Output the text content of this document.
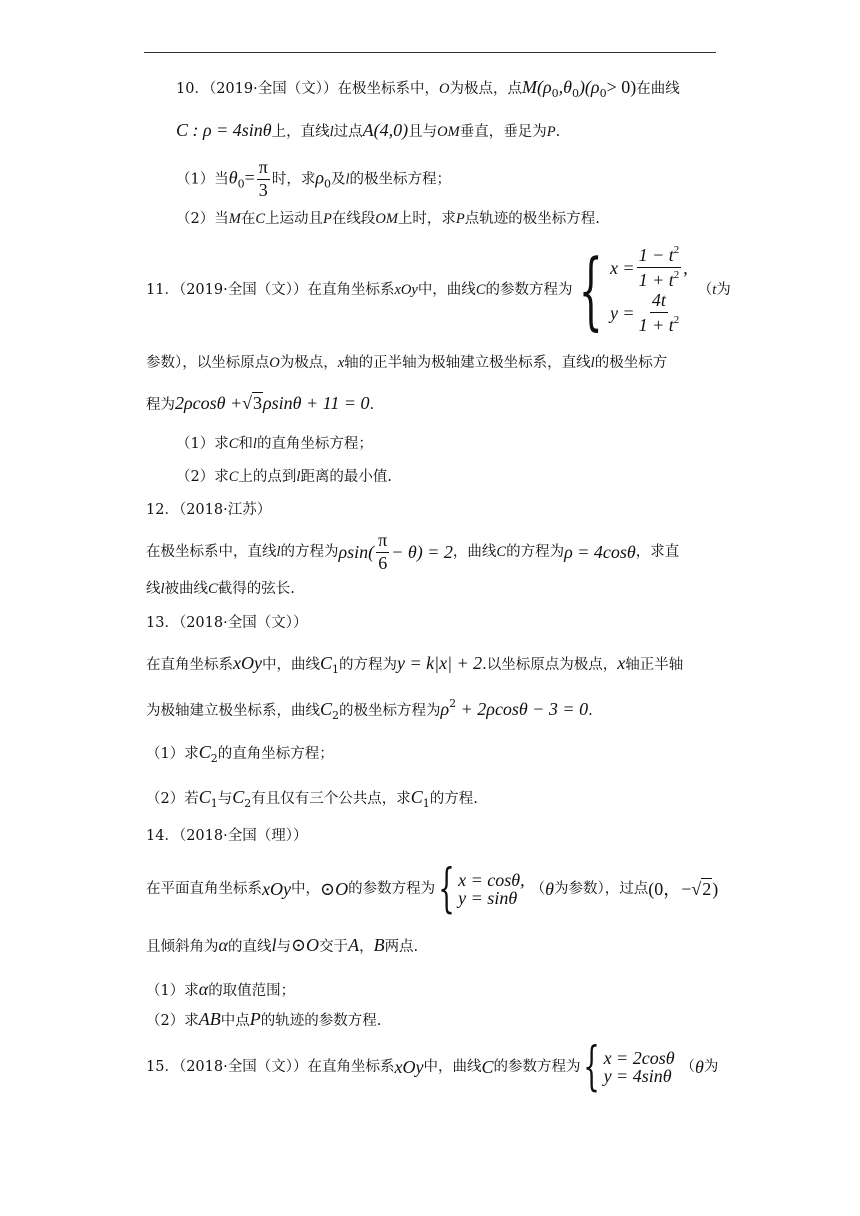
10．（2019·全国（文））在极坐标系中，O为极点，点$M(\rho_0,\theta_0)(\rho_0> 0)$在曲线
C : ρ = 4sinθ上，直线l过点A(4,0)且与OM垂直，垂足为P.
（1）当$\theta_0= \frac{\pi}{3}$ 时，求$\rho_0$及l的极坐标方程；
（2）当M在C上运动且P在线段OM上时，求P点轨迹的极坐标方程.
11．（2019·全国（文））在直角坐标系 xOy 中，曲线 C 的参数方程为 { $x = \frac{1 - t^2}{1 + t^2}$ ,
$y = \frac{4t}{1 + t^2}$
（ t 为
参数），以坐标原点O为极点，x轴的正半轴为极轴建立极坐标系，直线l的极坐标方
程为2ρcosθ +√3ρsinθ + 11 = 0.
（1）求C和l的直角坐标方程；
（2）求C上的点到l距离的最小值.
12．（2018·江苏）
在极坐标系中，直线 l 的方程为 $\rho\sin( \frac{\pi}{6} - \theta) = 2$ ，曲线 C 的方程为 ρ = 4cosθ ，求直
线l被曲线C截得的弦长.
13．（2018·全国（文））
在直角坐标系xOy中，曲线$C_1$的方程为y = k|x| + 2.以坐标原点为极点，x轴正半轴
为极轴建立极坐标系，曲线$C_2$的极坐标方程为$\rho^2 + 2\rho\cos\theta - 3 = 0$.
（1）求$C_2$的直角坐标方程；
（2）若$C_1$与$C_2$有且仅有三个公共点，求$C_1$的方程.
14．（2018·全国（理））
在平面直角坐标系 xOy 中， ⊙O 的参数方程为 { x = cosθ,
y = sinθ （ θ 为参数），过点 (0，− √ 2 )
且倾斜角为α的直线l与⊙O交于A，B两点.
（1）求α的取值范围；
（2）求AB中点P的轨迹的参数方程.
15．（2018·全国（文））在直角坐标系 xOy 中，曲线 C 的参数方程为 { x = 2cosθ
y = 4sinθ （ θ 为
